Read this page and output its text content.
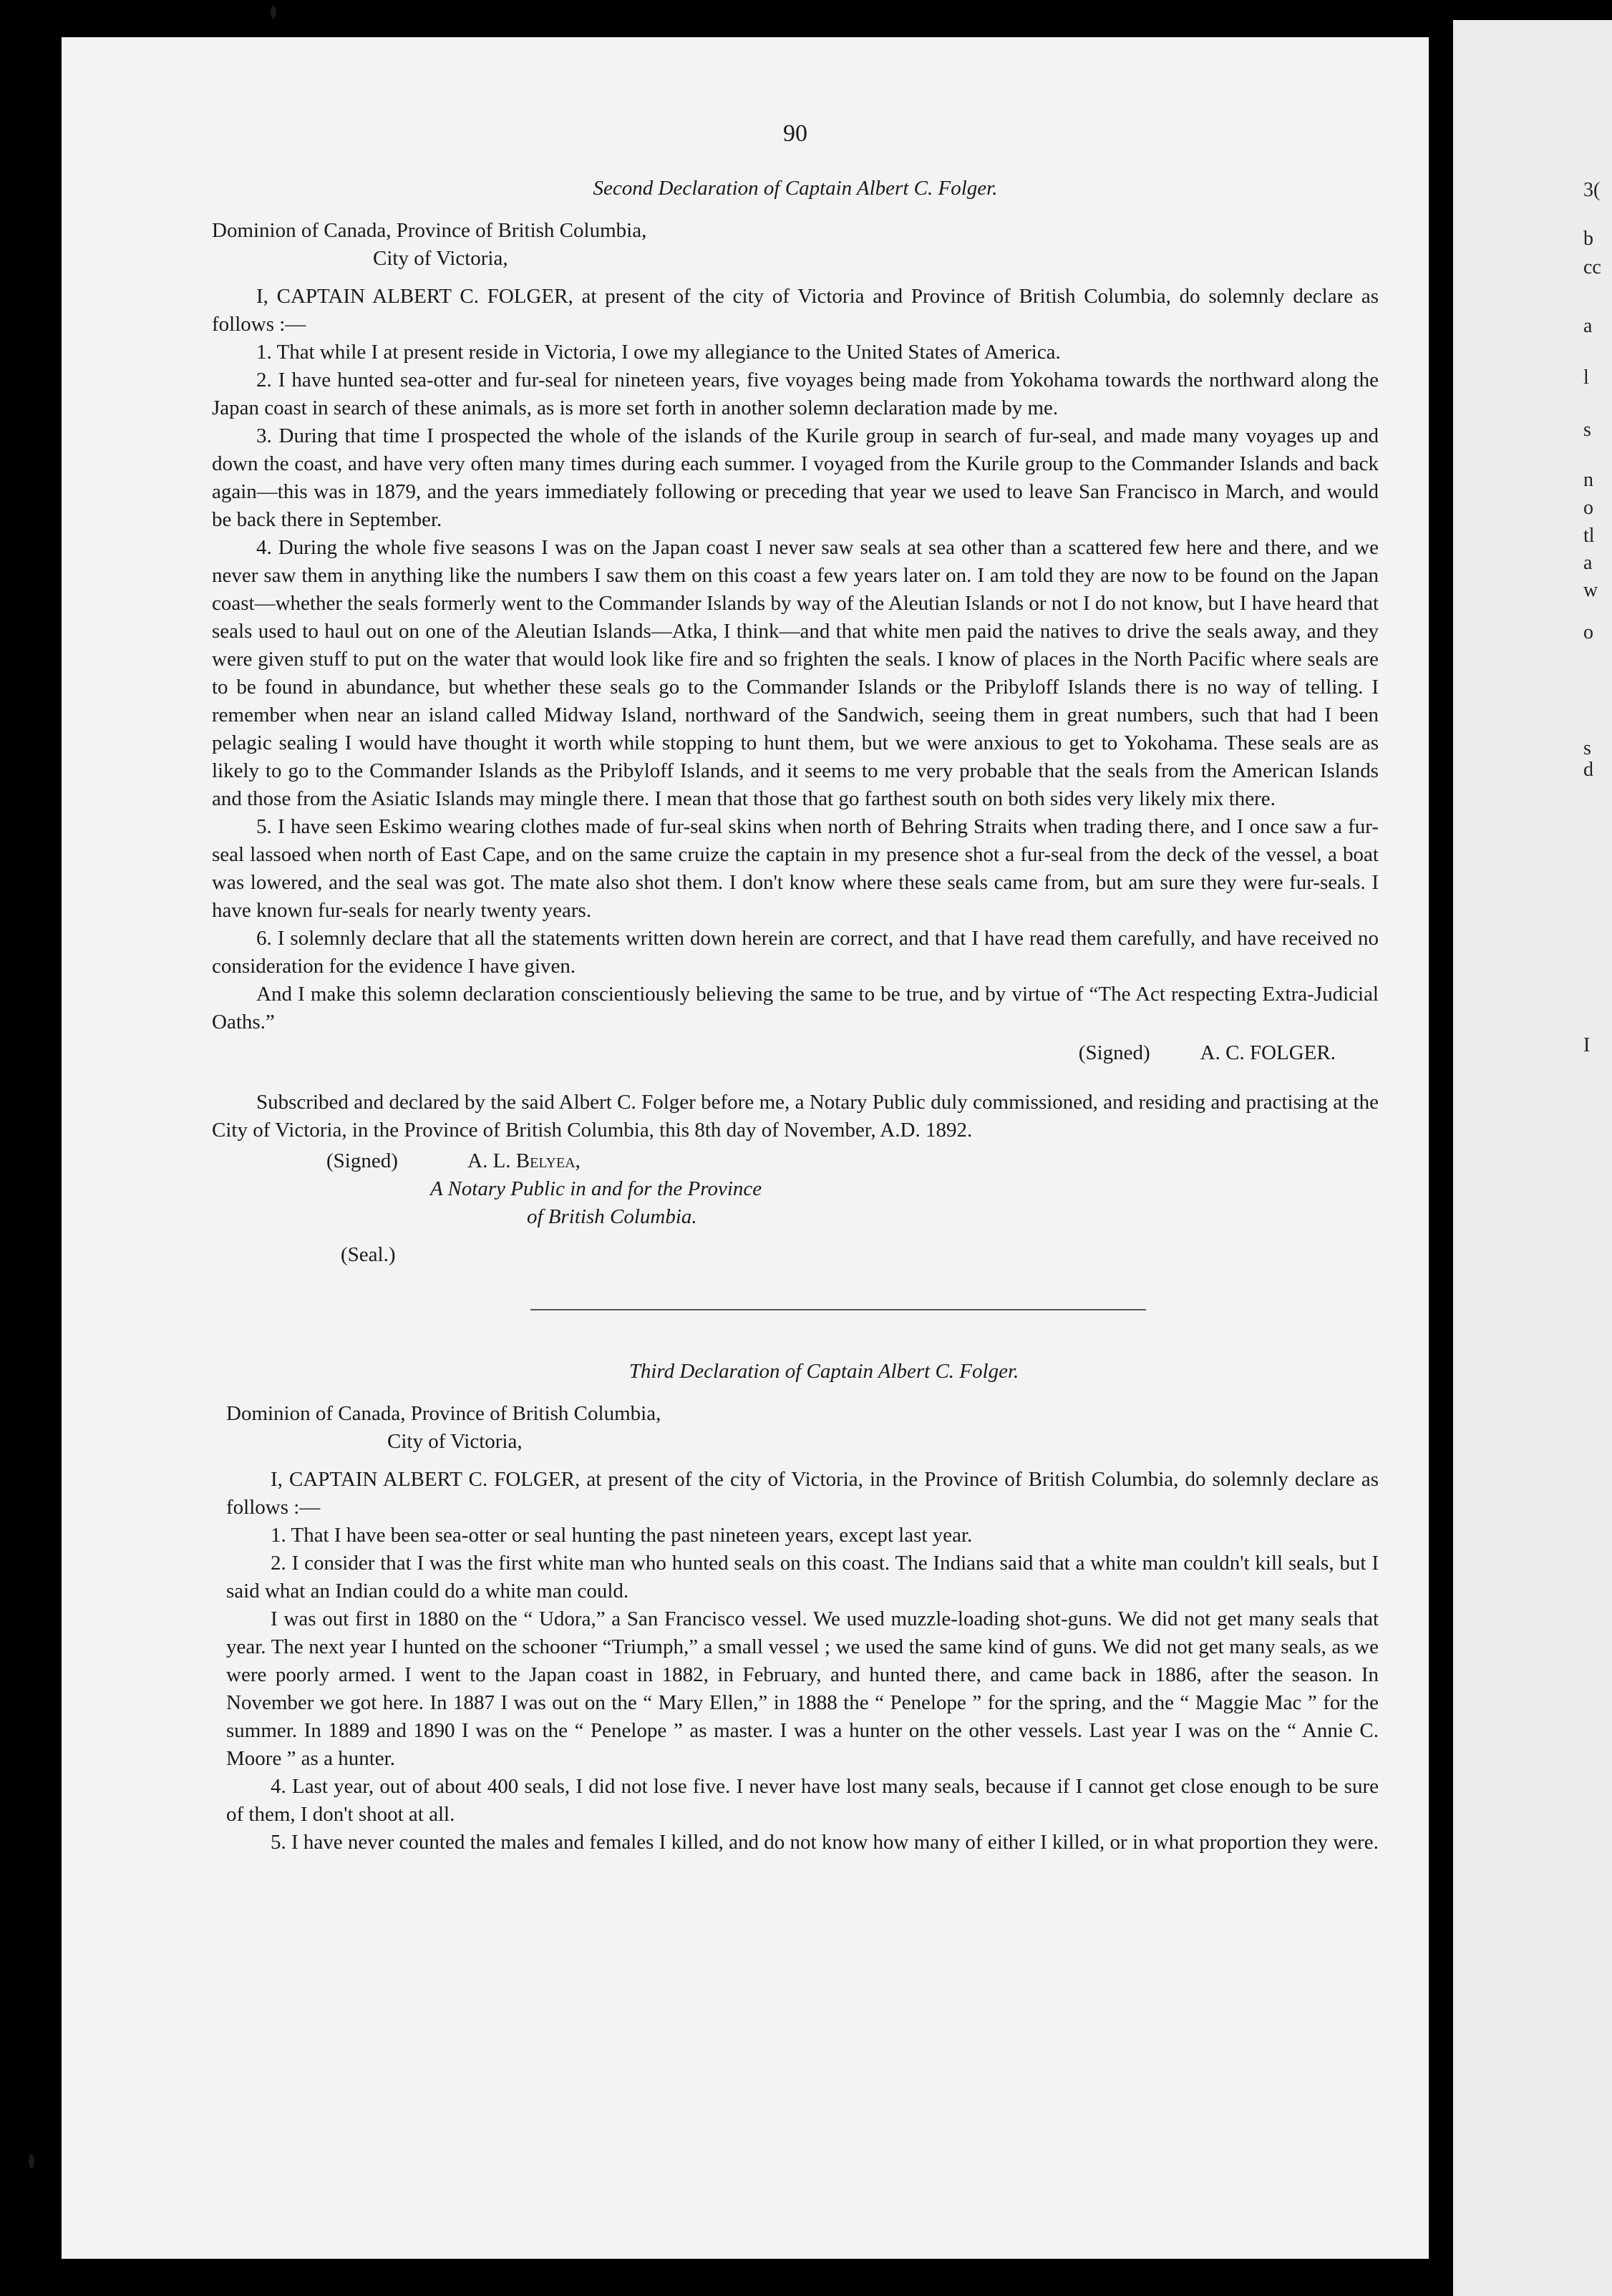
90
Second Declaration of Captain Albert C. Folger.

Dominion of Canada, Province of British Columbia,

City of Victoria,

I, CAPTAIN ALBERT C. FOLGER, at present of the city of Victoria and Province of British Columbia, do solemnly declare as follows :—

1. That while I at present reside in Victoria, I owe my allegiance to the United States of America.

2. I have hunted sea-otter and fur-seal for nineteen years, five voyages being made from Yokohama towards the northward along the Japan coast in search of these animals, as is more set forth in another solemn declaration made by me.

3. During that time I prospected the whole of the islands of the Kurile group in search of fur-seal, and made many voyages up and down the coast, and have very often many times during each summer. I voyaged from the Kurile group to the Commander Islands and back again—this was in 1879, and the years immediately following or preceding that year we used to leave San Francisco in March, and would be back there in September.

4. During the whole five seasons I was on the Japan coast I never saw seals at sea other than a scattered few here and there, and we never saw them in anything like the numbers I saw them on this coast a few years later on. I am told they are now to be found on the Japan coast—whether the seals formerly went to the Commander Islands by way of the Aleutian Islands or not I do not know, but I have heard that seals used to haul out on one of the Aleutian Islands—Atka, I think—and that white men paid the natives to drive the seals away, and they were given stuff to put on the water that would look like fire and so frighten the seals. I know of places in the North Pacific where seals are to be found in abundance, but whether these seals go to the Commander Islands or the Pribyloff Islands there is no way of telling. I remember when near an island called Midway Island, northward of the Sandwich, seeing them in great numbers, such that had I been pelagic sealing I would have thought it worth while stopping to hunt them, but we were anxious to get to Yokohama. These seals are as likely to go to the Commander Islands as the Pribyloff Islands, and it seems to me very probable that the seals from the American Islands and those from the Asiatic Islands may mingle there. I mean that those that go farthest south on both sides very likely mix there.

5. I have seen Eskimo wearing clothes made of fur-seal skins when north of Behring Straits when trading there, and I once saw a fur-seal lassoed when north of East Cape, and on the same cruize the captain in my presence shot a fur-seal from the deck of the vessel, a boat was lowered, and the seal was got. The mate also shot them. I don't know where these seals came from, but am sure they were fur-seals. I have known fur-seals for nearly twenty years.

6. I solemnly declare that all the statements written down herein are correct, and that I have read them carefully, and have received no consideration for the evidence I have given.

And I make this solemn declaration conscientiously believing the same to be true, and by virtue of “The Act respecting Extra-Judicial Oaths.”

(Signed) A. C. FOLGER.

Subscribed and declared by the said Albert C. Folger before me, a Notary Public duly commissioned, and residing and practising at the City of Victoria, in the Province of British Columbia, this 8th day of November, A.D. 1892.

(Signed)	A. L. Belyea,
A Notary Public in and for the Province
of British Columbia.
(Seal.)
Third Declaration of Captain Albert C. Folger.

Dominion of Canada, Province of British Columbia,

City of Victoria,

I, CAPTAIN ALBERT C. FOLGER, at present of the city of Victoria, in the Province of British Columbia, do solemnly declare as follows :—

1. That I have been sea-otter or seal hunting the past nineteen years, except last year.

2. I consider that I was the first white man who hunted seals on this coast. The Indians said that a white man couldn't kill seals, but I said what an Indian could do a white man could.

I was out first in 1880 on the “ Udora,” a San Francisco vessel. We used muzzle-loading shot-guns. We did not get many seals that year. The next year I hunted on the schooner “Triumph,” a small vessel ; we used the same kind of guns. We did not get many seals, as we were poorly armed. I went to the Japan coast in 1882, in February, and hunted there, and came back in 1886, after the season. In November we got here. In 1887 I was out on the “ Mary Ellen,” in 1888 the “ Penelope ” for the spring, and the “ Maggie Mac ” for the summer. In 1889 and 1890 I was on the “ Penelope ” as master. I was a hunter on the other vessels. Last year I was on the “ Annie C. Moore ” as a hunter.

4. Last year, out of about 400 seals, I did not lose five. I never have lost many seals, because if I cannot get close enough to be sure of them, I don't shoot at all.

5. I have never counted the males and females I killed, and do not know how many of either I killed, or in what proportion they were.

3(
b
cc
a
l
s
n
o
tl
a
w
o
s
d
I
